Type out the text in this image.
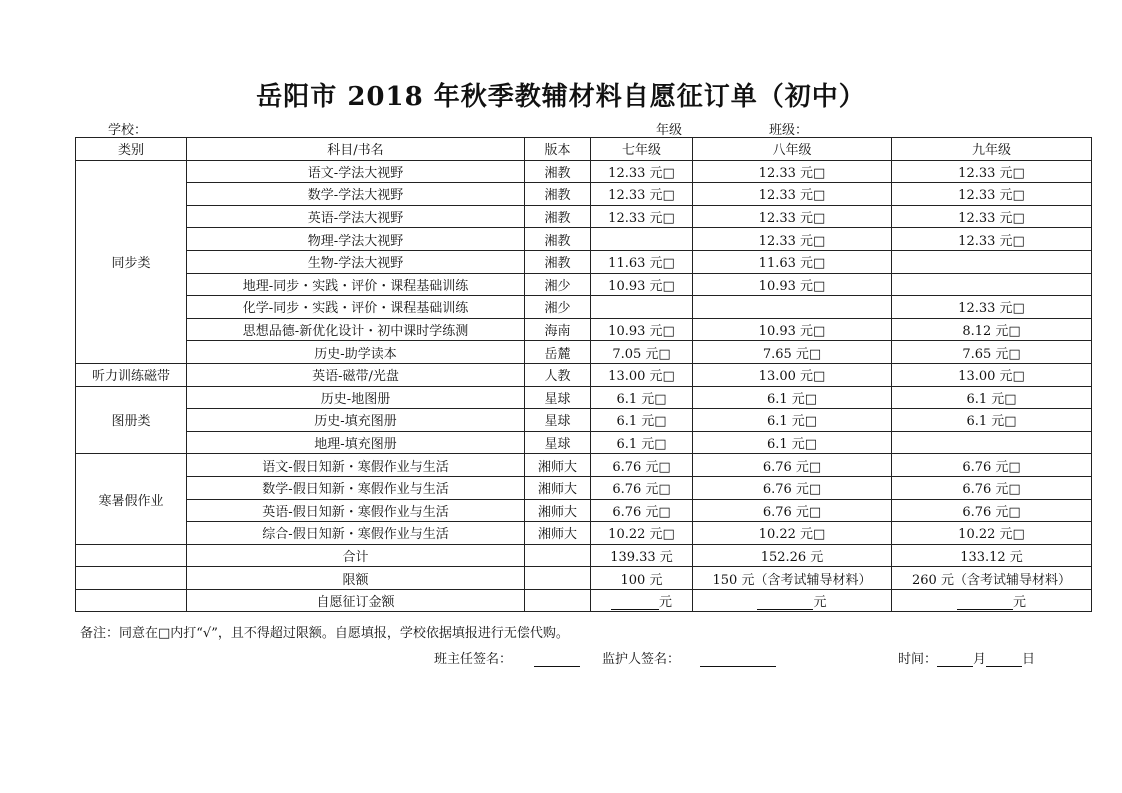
岳阳市 2018 年秋季教辅材料自愿征订单（初中）
学校：	年级	班级：
类别	科目/书名	版本	七年级	八年级	九年级
同步类	语文-学法大视野	湘教	12.33 元□	12.33 元□	12.33 元□
	数学-学法大视野	湘教	12.33 元□	12.33 元□	12.33 元□
	英语-学法大视野	湘教	12.33 元□	12.33 元□	12.33 元□
	物理-学法大视野	湘教		12.33 元□	12.33 元□
	生物-学法大视野	湘教	11.63 元□	11.63 元□	
	地理-同步・实践・评价・课程基础训练	湘少	10.93 元□	10.93 元□	
	化学-同步・实践・评价・课程基础训练	湘少			12.33 元□
	思想品德-新优化设计・初中课时学练测	海南	10.93 元□	10.93 元□	8.12 元□
	历史-助学读本	岳麓	7.05 元□	7.65 元□	7.65 元□
听力训练磁带	英语-磁带/光盘	人教	13.00 元□	13.00 元□	13.00 元□
图册类	历史-地图册	星球	6.1 元□	6.1 元□	6.1 元□
	历史-填充图册	星球	6.1 元□	6.1 元□	6.1 元□
	地理-填充图册	星球	6.1 元□	6.1 元□	
寒暑假作业	语文-假日知新・寒假作业与生活	湘师大	6.76 元□	6.76 元□	6.76 元□
	数学-假日知新・寒假作业与生活	湘师大	6.76 元□	6.76 元□	6.76 元□
	英语-假日知新・寒假作业与生活	湘师大	6.76 元□	6.76 元□	6.76 元□
	综合-假日知新・寒假作业与生活	湘师大	10.22 元□	10.22 元□	10.22 元□
	合计		139.33 元	152.26 元	133.12 元
	限额		100 元	150 元（含考试辅导材料）	260 元（含考试辅导材料）
	自愿征订金额		元	元	元
备注：同意在□内打“√”，且不得超过限额。自愿填报，学校依据填报进行无偿代购。
班主任签名：	监护人签名：	时间：	月	日
